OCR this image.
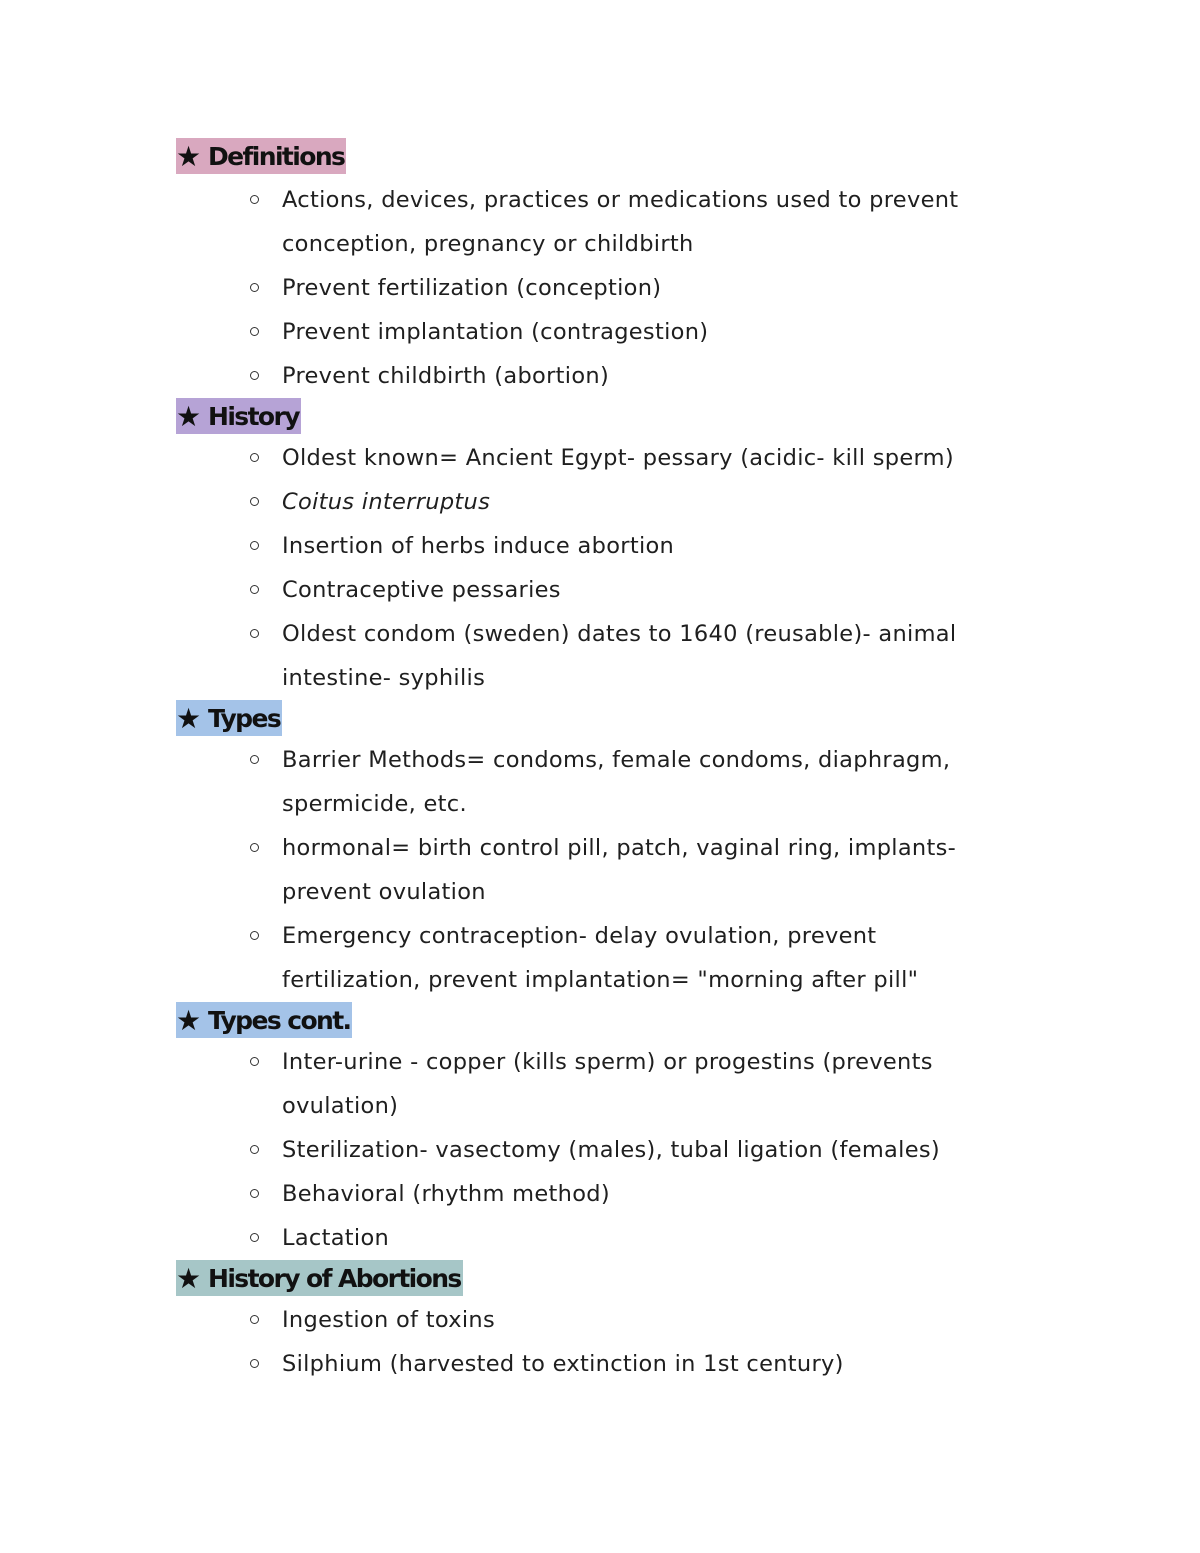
★ Definitions
Actions, devices, practices or medications used to prevent
conception, pregnancy or childbirth
Prevent fertilization (conception)
Prevent implantation (contragestion)
Prevent childbirth (abortion)
★ History
Oldest known= Ancient Egypt- pessary (acidic- kill sperm)
Coitus interruptus
Insertion of herbs induce abortion
Contraceptive pessaries
Oldest condom (sweden) dates to 1640 (reusable)- animal
intestine- syphilis
★ Types
Barrier Methods= condoms, female condoms, diaphragm,
spermicide, etc.
hormonal= birth control pill, patch, vaginal ring, implants-
prevent ovulation
Emergency contraception- delay ovulation, prevent
fertilization, prevent implantation= "morning after pill"
★ Types cont.
Inter-urine - copper (kills sperm) or progestins (prevents
ovulation)
Sterilization- vasectomy (males), tubal ligation (females)
Behavioral (rhythm method)
Lactation
★ History of Abortions
Ingestion of toxins
Silphium (harvested to extinction in 1st century)
